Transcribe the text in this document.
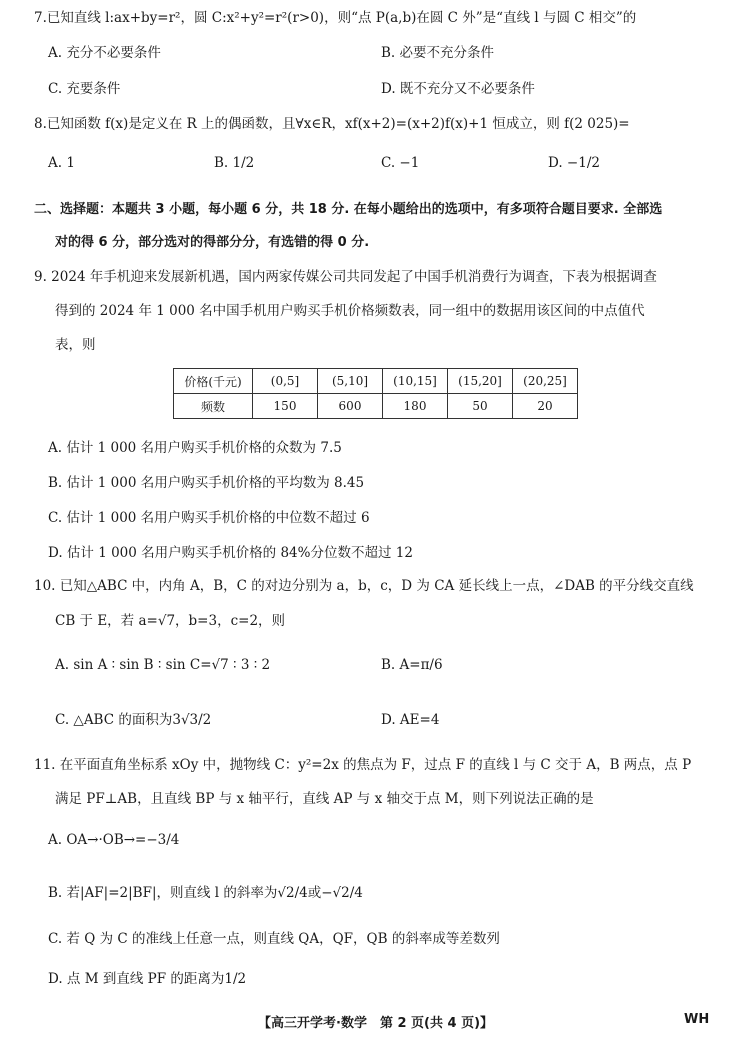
7.已知直线 l:ax+by=r²，圆 C:x²+y²=r²(r>0)，则“点 P(a,b)在圆 C 外”是“直线 l 与圆 C 相交”的
A. 充分不必要条件	B. 必要不充分条件
C. 充要条件	D. 既不充分又不必要条件
8.已知函数 f(x)是定义在 R 上的偶函数，且∀x∈R，xf(x+2)=(x+2)f(x)+1 恒成立，则 f(2 025)=
A. 1	B. 1/2	C. −1	D. −1/2
二、选择题：本题共 3 小题，每小题 6 分，共 18 分. 在每小题给出的选项中，有多项符合题目要求. 全部选
对的得 6 分，部分选对的得部分分，有选错的得 0 分.
9. 2024 年手机迎来发展新机遇，国内两家传媒公司共同发起了中国手机消费行为调查，下表为根据调查
得到的 2024 年 1 000 名中国手机用户购买手机价格频数表，同一组中的数据用该区间的中点值代
表，则
价格(千元)	(0,5]	(5,10]	(10,15]	(15,20]	(20,25]
频数	150	600	180	50	20
A. 估计 1 000 名用户购买手机价格的众数为 7.5
B. 估计 1 000 名用户购买手机价格的平均数为 8.45
C. 估计 1 000 名用户购买手机价格的中位数不超过 6
D. 估计 1 000 名用户购买手机价格的 84%分位数不超过 12
10. 已知△ABC 中，内角 A，B，C 的对边分别为 a，b，c，D 为 CA 延长线上一点，∠DAB 的平分线交直线
CB 于 E，若 a=√7，b=3，c=2，则
A. sin A ∶ sin B ∶ sin C=√7 ∶ 3 ∶ 2	B. A=π/6
C. △ABC 的面积为3√3/2	D. AE=4
11. 在平面直角坐标系 xOy 中，抛物线 C：y²=2x 的焦点为 F，过点 F 的直线 l 与 C 交于 A，B 两点，点 P
满足 PF⊥AB，且直线 BP 与 x 轴平行，直线 AP 与 x 轴交于点 M，则下列说法正确的是
A. OA→·OB→=−3/4
B. 若|AF|=2|BF|，则直线 l 的斜率为√2/4或−√2/4
C. 若 Q 为 C 的准线上任意一点，则直线 QA，QF，QB 的斜率成等差数列
D. 点 M 到直线 PF 的距离为1/2
【高三开学考·数学　第 2 页(共 4 页)】	WH
